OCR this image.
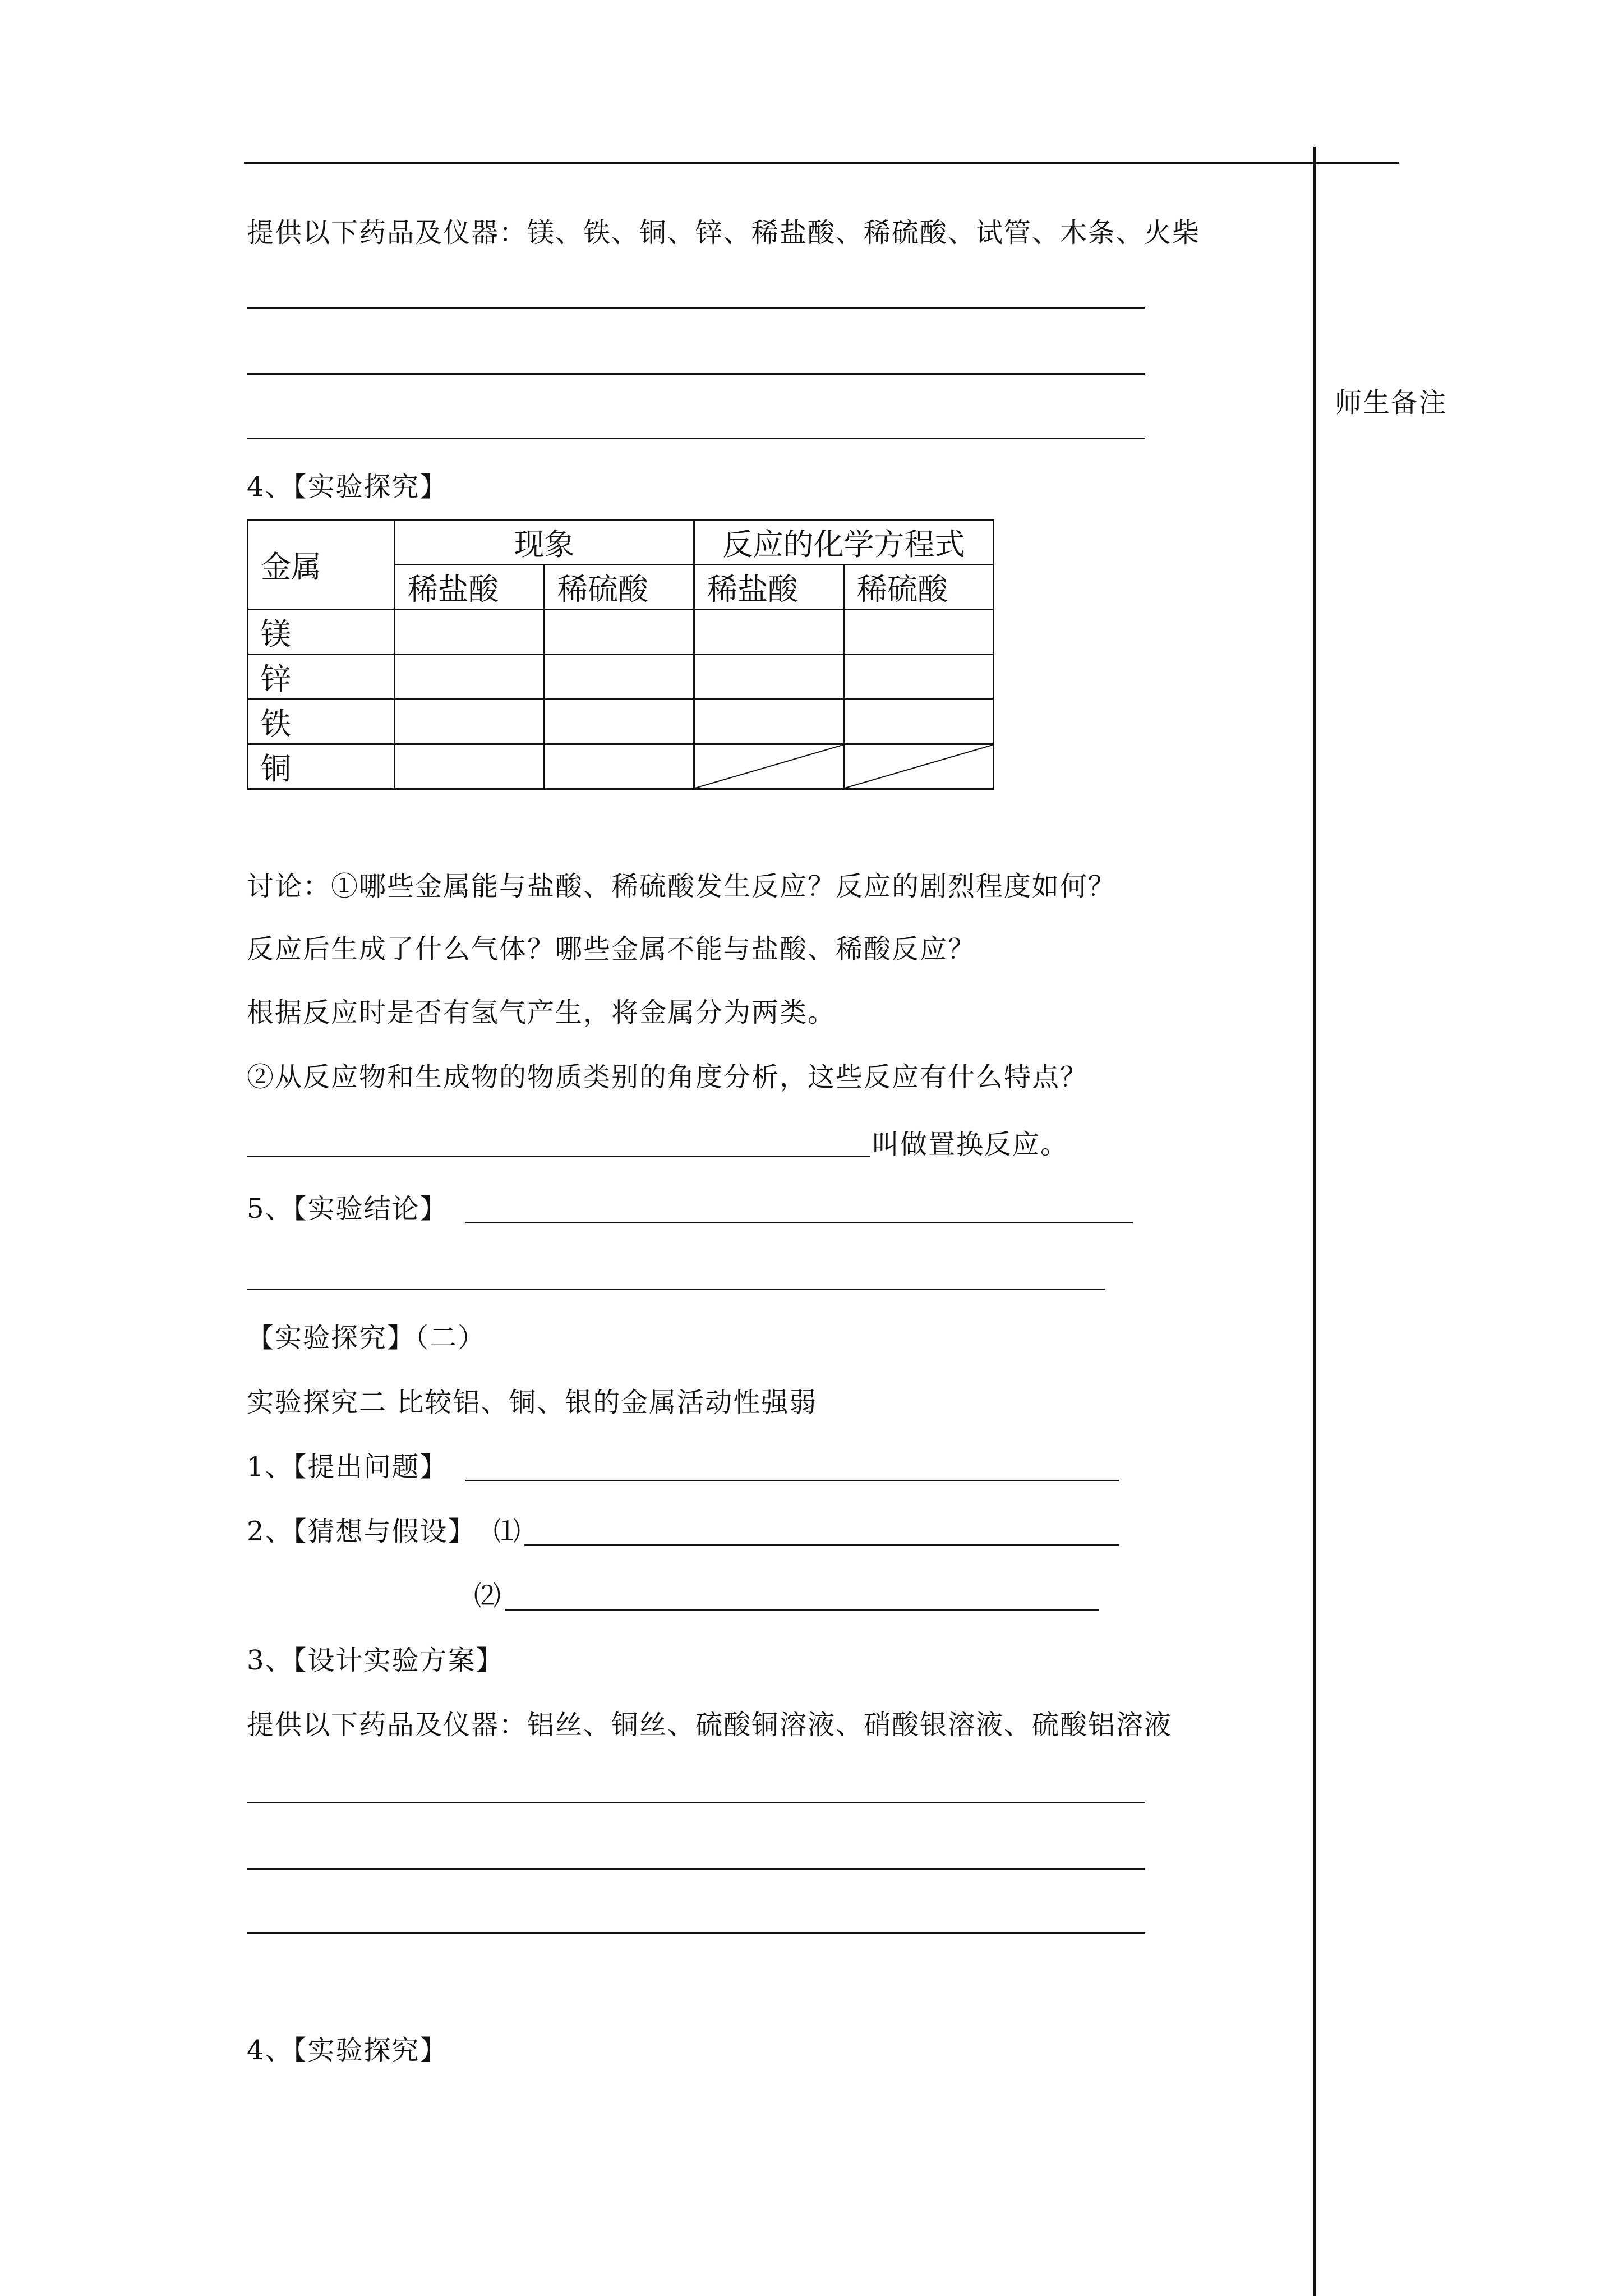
师生备注
提供以下药品及仪器：镁、铁、铜、锌、稀盐酸、稀硫酸、试管、木条、火柴
4、【实验探究】
金属	现象		反应的化学方程式	
	稀盐酸	稀硫酸	稀盐酸	稀硫酸
镁				
锌				
铁				
铜			

讨论：①哪些金属能与盐酸、稀硫酸发生反应？反应的剧烈程度如何？
反应后生成了什么气体？哪些金属不能与盐酸、稀酸反应？
根据反应时是否有氢气产生，将金属分为两类。
②从反应物和生成物的物质类别的角度分析，这些反应有什么特点？
叫做置换反应。
5、【实验结论】
【实验探究】（二）
实验探究二 比较铝、铜、银的金属活动性强弱
1、【提出问题】
2、【猜想与假设】 ⑴
⑵
3、【设计实验方案】
提供以下药品及仪器：铝丝、铜丝、硫酸铜溶液、硝酸银溶液、硫酸铝溶液
4、【实验探究】
